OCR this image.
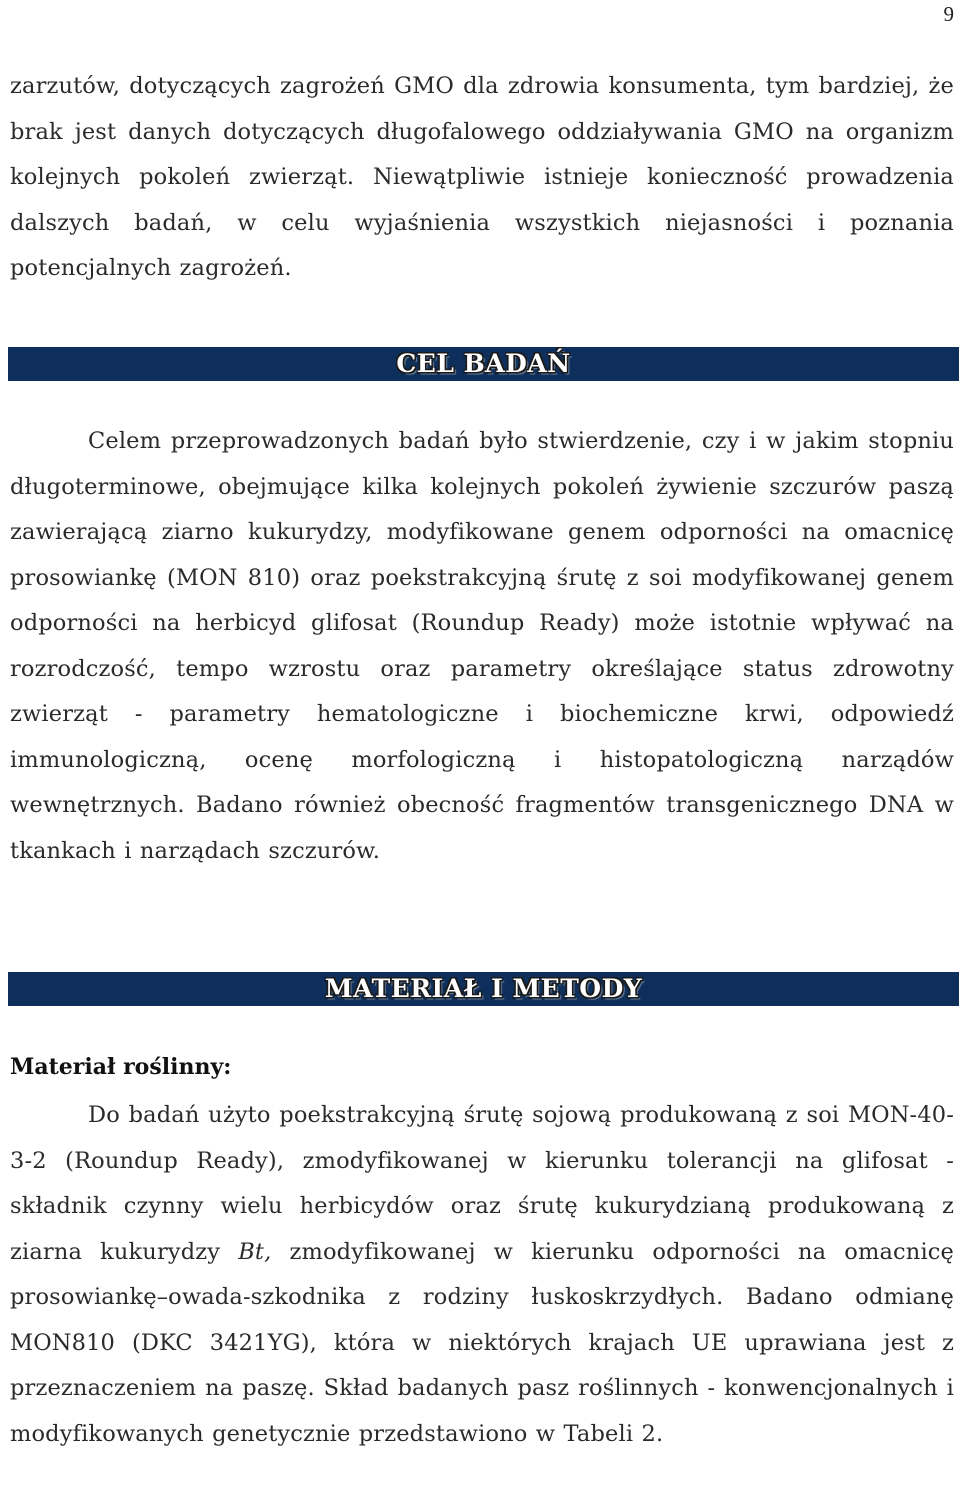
9

zarzutów, dotyczących zagrożeń GMO dla zdrowia konsumenta, tym bardziej, że brak jest danych dotyczących długofalowego oddziaływania GMO na organizm kolejnych pokoleń zwierząt. Niewątpliwie istnieje konieczność prowadzenia dalszych badań, w celu wyjaśnienia wszystkich niejasności i poznania potencjalnych zagrożeń.

CEL BADAŃ

Celem przeprowadzonych badań było stwierdzenie, czy i w jakim stopniu długoterminowe, obejmujące kilka kolejnych pokoleń żywienie szczurów paszą zawierającą ziarno kukurydzy, modyfikowane genem odporności na omacnicę prosowiankę (MON 810) oraz poekstrakcyjną śrutę z soi modyfikowanej genem odporności na herbicyd glifosat (Roundup Ready) może istotnie wpływać na rozrodczość, tempo wzrostu oraz parametry określające status zdrowotny zwierząt - parametry hematologiczne i biochemiczne krwi, odpowiedź immunologiczną, ocenę morfologiczną i histopatologiczną narządów wewnętrznych. Badano również obecność fragmentów transgenicznego DNA w tkankach i narządach szczurów.

MATERIAŁ I METODY
Materiał roślinny:

Do badań użyto poekstrakcyjną śrutę sojową produkowaną z soi MON-40-3-2 (Roundup Ready), zmodyfikowanej w kierunku tolerancji na glifosat - składnik czynny wielu herbicydów oraz śrutę kukurydzianą produkowaną z ziarna kukurydzy Bt, zmodyfikowanej w kierunku odporności na omacnicę prosowiankę–owada-szkodnika z rodziny łuskoskrzydłych. Badano odmianę MON810 (DKC 3421YG), która w niektórych krajach UE uprawiana jest z przeznaczeniem na paszę. Skład badanych pasz roślinnych - konwencjonalnych i modyfikowanych genetycznie przedstawiono w Tabeli 2.
